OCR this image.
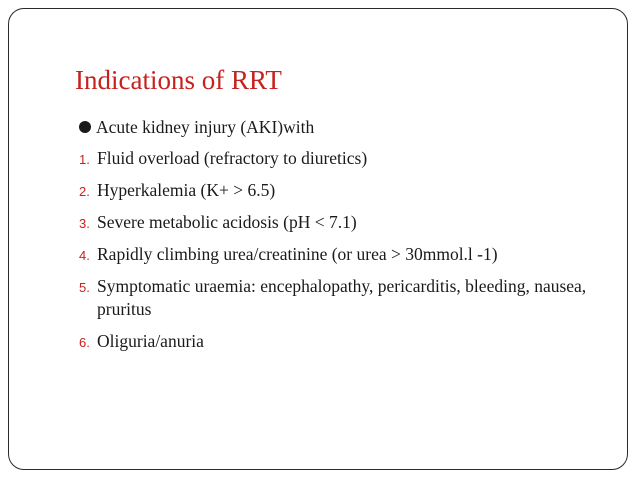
Indications of RRT
Acute kidney injury (AKI)with
1. Fluid overload (refractory to diuretics)
2. Hyperkalemia (K+ > 6.5)
3. Severe metabolic acidosis (pH < 7.1)
4. Rapidly climbing urea/creatinine (or urea > 30mmol.l -1)
5. Symptomatic uraemia: encephalopathy, pericarditis, bleeding, nausea, pruritus
6. Oliguria/anuria
